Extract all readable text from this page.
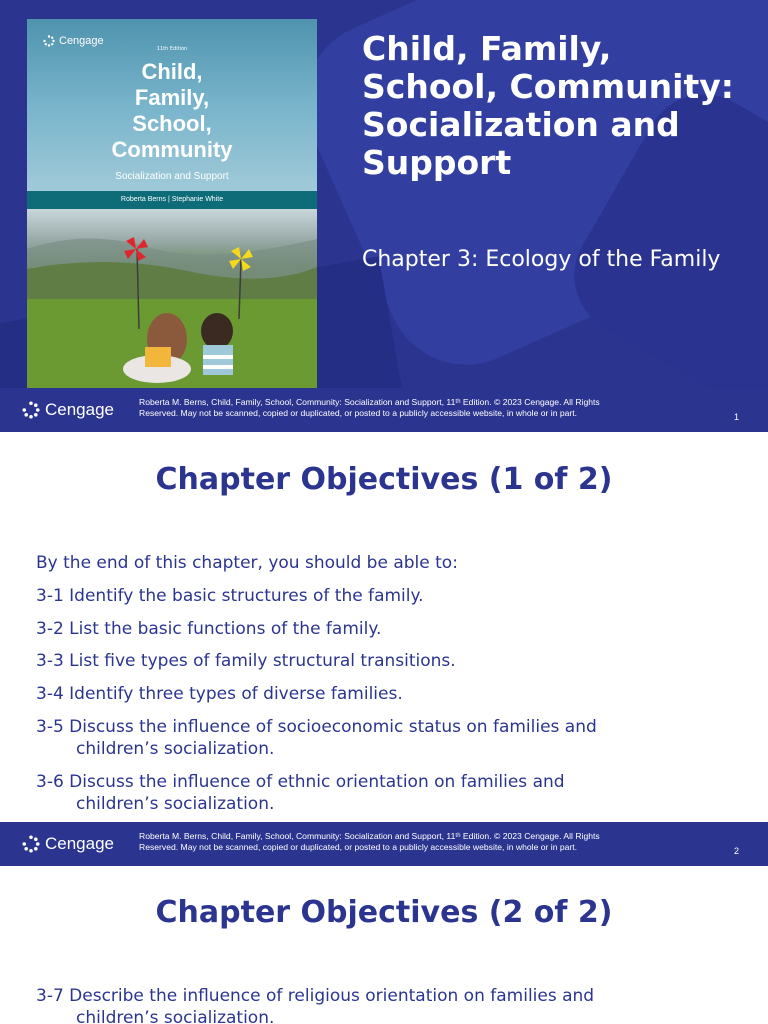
Cengage
11th Edition
Child,
Family,
School,
Community
Socialization and Support
Roberta Berns | Stephanie White
Child, Family, School, Community: Socialization and Support
Chapter 3: Ecology of the Family
Cengage	Roberta M. Berns, Child, Family, School, Community: Socialization and Support, 11ᵗʰ Edition. © 2023 Cengage. All Rights
Reserved. May not be scanned, copied or duplicated, or posted to a publicly accessible website, in whole or in part.	1
Chapter Objectives (1 of 2)
By the end of this chapter, you should be able to:
3-1 Identify the basic structures of the family.
3-2 List the basic functions of the family.
3-3 List five types of family structural transitions.
3-4 Identify three types of diverse families.
3-5 Discuss the influence of socioeconomic status on families and
children’s socialization.
3-6 Discuss the influence of ethnic orientation on families and
children’s socialization.
Cengage	Roberta M. Berns, Child, Family, School, Community: Socialization and Support, 11ᵗʰ Edition. © 2023 Cengage. All Rights
Reserved. May not be scanned, copied or duplicated, or posted to a publicly accessible website, in whole or in part.	2
Chapter Objectives (2 of 2)
3-7 Describe the influence of religious orientation on families and
children’s socialization.
